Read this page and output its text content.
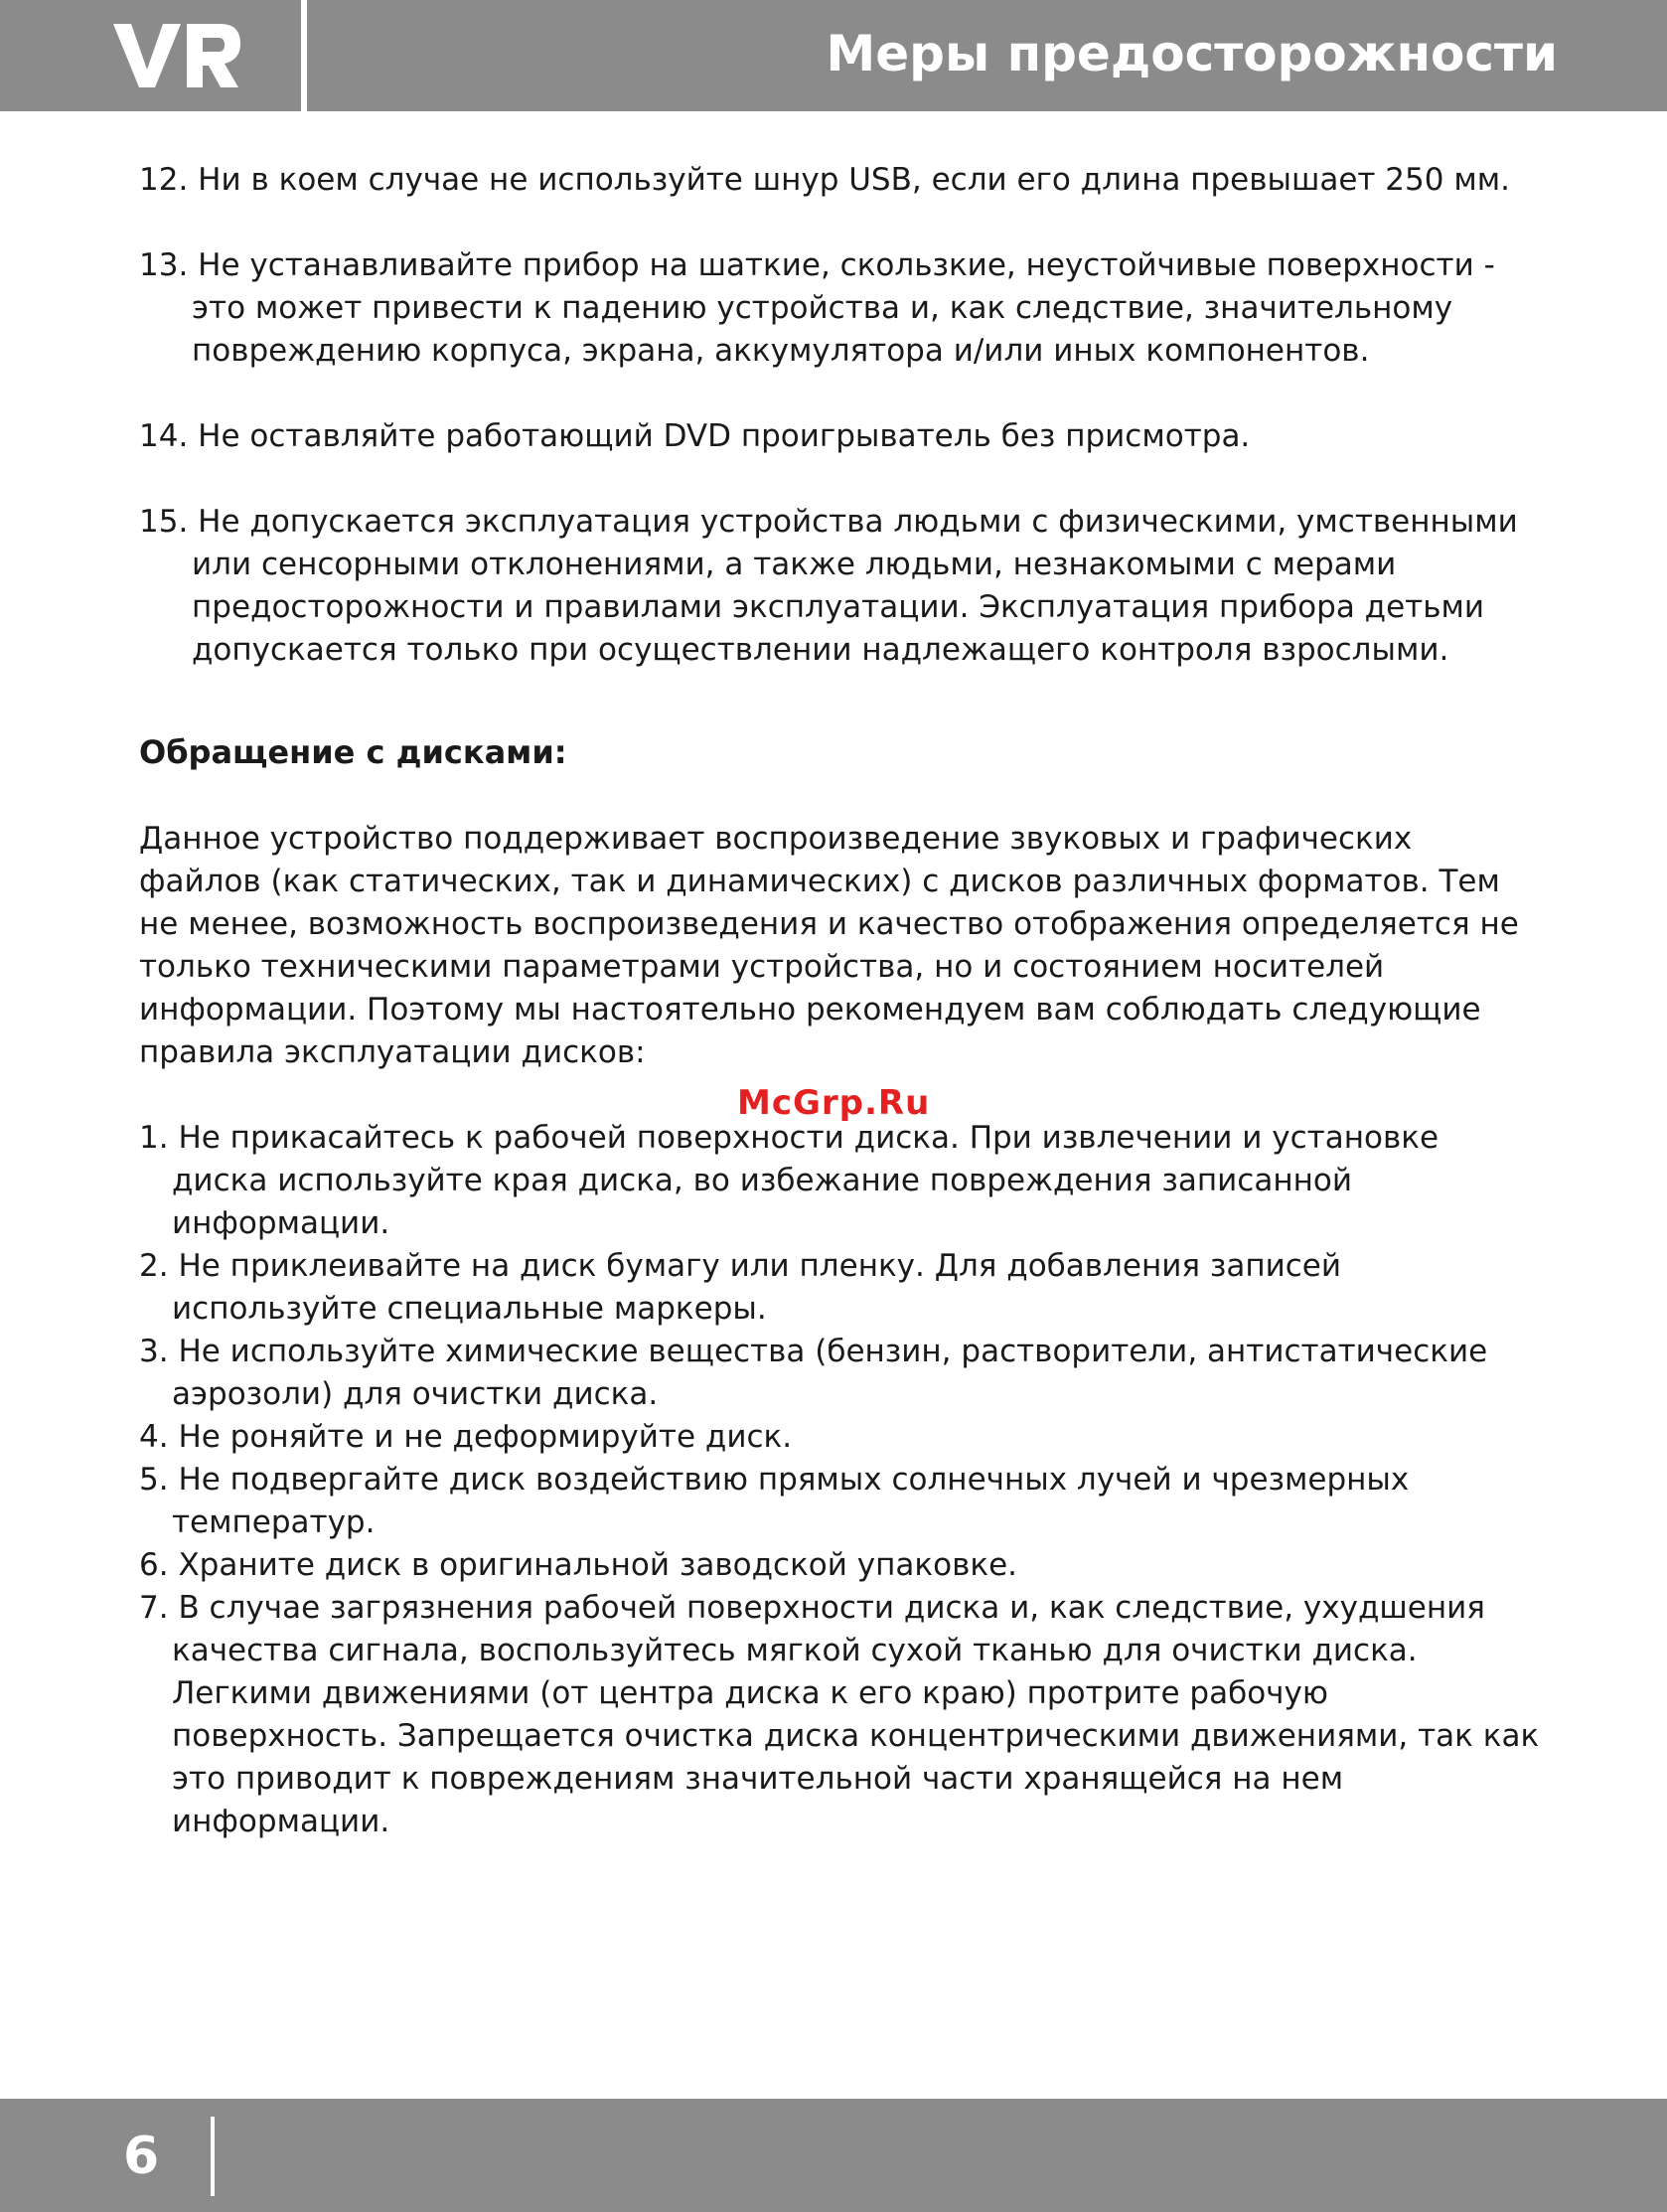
Меры предосторожности
12. Ни в коем случае не используйте шнур USB, если его длина превышает 250 мм.
13. Не устанавливайте прибор на шаткие, скользкие, неустойчивые поверхности - это может привести к падению устройства и, как следствие, значительному повреждению корпуса, экрана, аккумулятора и/или иных компонентов.
14. Не оставляйте работающий DVD проигрыватель без присмотра.
15. Не допускается эксплуатация устройства людьми с физическими, умственными или сенсорными отклонениями, а также людьми, незнакомыми с мерами предосторожности и правилами эксплуатации. Эксплуатация прибора детьми допускается только при осуществлении надлежащего контроля взрослыми.
Обращение с дисками:
Данное устройство поддерживает воспроизведение звуковых и графических файлов (как статических, так и динамических) с дисков различных форматов. Тем не менее, возможность воспроизведения и качество отображения определяется не только техническими параметрами устройства, но и состоянием носителей информации. Поэтому мы настоятельно рекомендуем вам соблюдать следующие правила эксплуатации дисков:
1. Не прикасайтесь к рабочей поверхности диска. При извлечении и установке диска используйте края диска, во избежание повреждения записанной информации.
2. Не приклеивайте на диск бумагу или пленку. Для добавления записей используйте специальные маркеры.
3. Не используйте химические вещества (бензин, растворители, антистатические аэрозоли) для очистки диска.
4. Не роняйте и не деформируйте диск.
5. Не подвергайте диск воздействию прямых солнечных лучей и чрезмерных температур.
6. Храните диск в оригинальной заводской упаковке.
7. В случае загрязнения рабочей поверхности диска и, как следствие, ухудшения качества сигнала, воспользуйтесь мягкой сухой тканью для очистки диска. Легкими движениями (от центра диска к его краю) протрите рабочую поверхность. Запрещается очистка диска концентрическими движениями, так как это приводит к повреждениям значительной части хранящейся на нем информации.
McGrp.Ru
6
